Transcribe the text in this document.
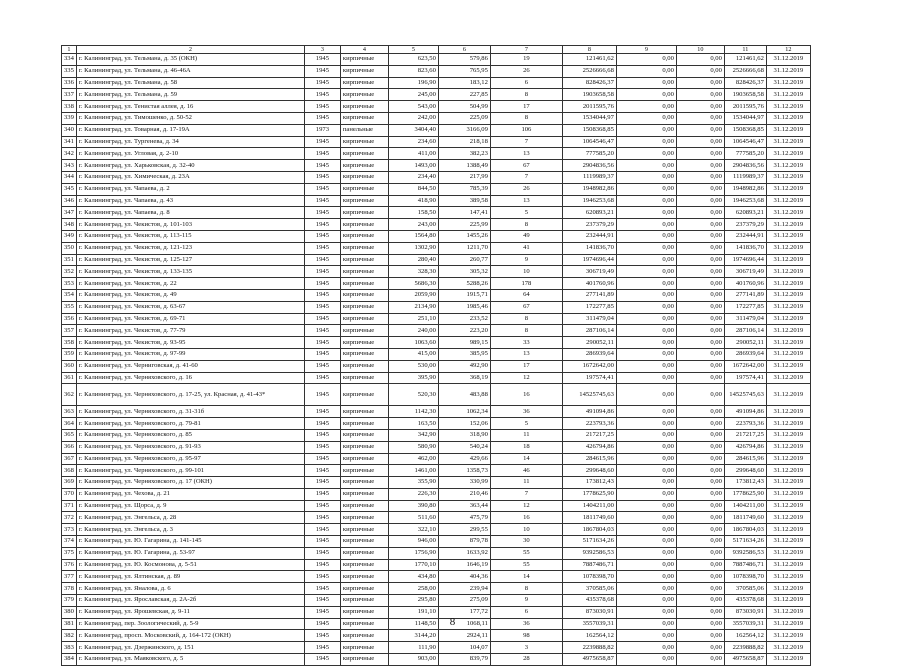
1	2	3	4	5	6	7	8	9	10	11	12
334	г. Калининград, ул. Тельмана, д. 35 (ОКН)	1945	кирпичные	623,50	579,86	19	121461,62	0,00	0,00	121461,62	31.12.2019
335	г. Калининград, ул. Тельмана, д. 46-46А	1945	кирпичные	823,60	765,95	26	2526666,68	0,00	0,00	2526666,68	31.12.2019
336	г. Калининград, ул. Тельмана, д. 58	1945	кирпичные	196,90	183,12	6	828426,37	0,00	0,00	828426,37	31.12.2019
337	г. Калининград, ул. Тельмана, д. 59	1945	кирпичные	245,00	227,85	8	1903658,58	0,00	0,00	1903658,58	31.12.2019
338	г. Калининград, ул. Тенистая аллея, д. 16	1945	кирпичные	543,00	504,99	17	2011595,76	0,00	0,00	2011595,76	31.12.2019
339	г. Калининград, ул. Тимошенко, д. 50-52	1945	кирпичные	242,00	225,09	8	1534044,97	0,00	0,00	1534044,97	31.12.2019
340	г. Калининград, ул. Товарная, д. 17-19А	1973	панельные	3404,40	3166,09	106	1508368,85	0,00	0,00	1508368,85	31.12.2019
341	г. Калининград, ул. Тургенева, д. 34	1945	кирпичные	234,60	218,18	7	1064546,47	0,00	0,00	1064546,47	31.12.2019
342	г. Калининград, ул. Угловая, д. 2-10	1945	кирпичные	411,00	382,23	13	777585,20	0,00	0,00	777585,20	31.12.2019
343	г. Калининград, ул. Харьковская, д. 32-40	1945	кирпичные	1493,00	1388,49	67	2904836,56	0,00	0,00	2904836,56	31.12.2019
344	г. Калининград, ул. Химическая, д. 23А	1945	кирпичные	234,40	217,99	7	1119989,37	0,00	0,00	1119989,37	31.12.2019
345	г. Калининград, ул. Чапаева, д. 2	1945	кирпичные	844,50	785,39	26	1948982,86	0,00	0,00	1948982,86	31.12.2019
346	г. Калининград, ул. Чапаева, д. 43	1945	кирпичные	418,90	389,58	13	1946253,68	0,00	0,00	1946253,68	31.12.2019
347	г. Калининград, ул. Чапаева, д. 8	1945	кирпичные	158,50	147,41	5	620893,21	0,00	0,00	620893,21	31.12.2019
348	г. Калининград, ул. Чекистов, д. 101-103	1945	кирпичные	243,00	225,99	8	237379,29	0,00	0,00	237379,29	31.12.2019
349	г. Калининград, ул. Чекистов, д. 113-115	1945	кирпичные	1564,80	1455,26	49	232444,91	0,00	0,00	232444,91	31.12.2019
350	г. Калининград, ул. Чекистов, д. 121-123	1945	кирпичные	1302,90	1211,70	41	141836,70	0,00	0,00	141836,70	31.12.2019
351	г. Калининград, ул. Чекистов, д. 125-127	1945	кирпичные	280,40	260,77	9	1974696,44	0,00	0,00	1974696,44	31.12.2019
352	г. Калининград, ул. Чекистов, д. 133-135	1945	кирпичные	328,30	305,32	10	306719,49	0,00	0,00	306719,49	31.12.2019
353	г. Калининград, ул. Чекистов, д. 22	1945	кирпичные	5686,30	5288,26	178	401760,96	0,00	0,00	401760,96	31.12.2019
354	г. Калининград, ул. Чекистов, д. 49	1945	кирпичные	2059,90	1915,71	64	277141,89	0,00	0,00	277141,89	31.12.2019
355	г. Калининград, ул. Чекистов, д. 63-67	1945	кирпичные	2134,90	1985,46	67	172277,85	0,00	0,00	172277,85	31.12.2019
356	г. Калининград, ул. Чекистов, д. 69-71	1945	кирпичные	251,10	233,52	8	311479,04	0,00	0,00	311479,04	31.12.2019
357	г. Калининград, ул. Чекистов, д. 77-79	1945	кирпичные	240,00	223,20	8	287106,14	0,00	0,00	287106,14	31.12.2019
358	г. Калининград, ул. Чекистов, д. 93-95	1945	кирпичные	1063,60	989,15	33	290052,11	0,00	0,00	290052,11	31.12.2019
359	г. Калининград, ул. Чекистов, д. 97-99	1945	кирпичные	415,00	385,95	13	286939,64	0,00	0,00	286939,64	31.12.2019
360	г. Калининград, ул. Черниговская, д. 41-60	1945	кирпичные	530,00	492,90	17	1672642,00	0,00	0,00	1672642,00	31.12.2019
361	г. Калининград, ул. Черняховского, д. 16	1945	кирпичные	395,90	368,19	12	197574,41	0,00	0,00	197574,41	31.12.2019
362	г. Калининград, ул. Черняховского, д. 17-25, ул. Красная, д. 41-43*	1945	кирпичные	520,30	483,88	16	14525745,63	0,00	0,00	14525745,63	31.12.2019
363	г. Калининград, ул. Черняховского, д. 31-31б	1945	кирпичные	1142,30	1062,34	36	491094,86	0,00	0,00	491094,86	31.12.2019
364	г. Калининград, ул. Черняховского, д. 79-81	1945	кирпичные	163,50	152,06	5	223793,36	0,00	0,00	223793,36	31.12.2019
365	г. Калининград, ул. Черняховского, д. 85	1945	кирпичные	342,90	318,90	11	217217,25	0,00	0,00	217217,25	31.12.2019
366	г. Калининград, ул. Черняховского, д. 91-93	1945	кирпичные	580,90	540,24	18	426794,86	0,00	0,00	426794,86	31.12.2019
367	г. Калининград, ул. Черняховского, д. 95-97	1945	кирпичные	462,00	429,66	14	284615,96	0,00	0,00	284615,96	31.12.2019
368	г. Калининград, ул. Черняховского, д. 99-101	1945	кирпичные	1461,00	1358,73	46	299648,60	0,00	0,00	299648,60	31.12.2019
369	г. Калининград, ул. Черняховского, д. 17 (ОКН)	1945	кирпичные	355,90	330,99	11	173812,43	0,00	0,00	173812,43	31.12.2019
370	г. Калининград, ул. Чехова, д. 21	1945	кирпичные	226,30	210,46	7	1778625,90	0,00	0,00	1778625,90	31.12.2019
371	г. Калининград, ул. Щорса, д. 9	1945	кирпичные	390,80	363,44	12	1404211,00	0,00	0,00	1404211,00	31.12.2019
372	г. Калининград, ул. Энгельса, д. 28	1945	кирпичные	511,60	475,79	16	1811749,60	0,00	0,00	1811749,60	31.12.2019
373	г. Калининград, ул. Энгельса, д. 3	1945	кирпичные	322,10	299,55	10	1867804,03	0,00	0,00	1867804,03	31.12.2019
374	г. Калининград, ул. Ю. Гагарина, д. 141-145	1945	кирпичные	946,00	879,78	30	5171634,26	0,00	0,00	5171634,26	31.12.2019
375	г. Калининград, ул. Ю. Гагарина, д. 53-97	1945	кирпичные	1756,90	1633,92	55	9392586,53	0,00	0,00	9392586,53	31.12.2019
376	г. Калининград, ул. Ю. Космонова, д. 5-51	1945	кирпичные	1770,10	1646,19	55	7887486,71	0,00	0,00	7887486,71	31.12.2019
377	г. Калининград, ул. Ялтинская, д. 89	1945	кирпичные	434,80	404,36	14	1078398,70	0,00	0,00	1078398,70	31.12.2019
378	г. Калининград, ул. Яналова, д. 6	1945	кирпичные	258,00	239,94	8	370585,06	0,00	0,00	370585,06	31.12.2019
379	г. Калининград, ул. Ярославская, д. 2А-2б	1945	кирпичные	295,80	275,09	9	435378,68	0,00	0,00	435378,68	31.12.2019
380	г. Калининград, ул. Ярошевская, д. 9-11	1945	кирпичные	191,10	177,72	6	873030,91	0,00	0,00	873030,91	31.12.2019
381	г. Калининград, пер. Зоологический, д. 5-9	1945	кирпичные	1148,50	1068,11	36	3557039,31	0,00	0,00	3557039,31	31.12.2019
382	г. Калининград, просп. Московский, д. 164-172 (ОКН)	1945	кирпичные	3144,20	2924,11	98	162564,12	0,00	0,00	162564,12	31.12.2019
383	г. Калининград, ул. Дзержинского, д. 151	1945	кирпичные	111,90	104,07	3	2239888,82	0,00	0,00	2239888,82	31.12.2019
384	г. Калининград, ул. Маяковского, д. 5	1945	кирпичные	903,00	839,79	28	4975658,87	0,00	0,00	4975658,87	31.12.2019
8
